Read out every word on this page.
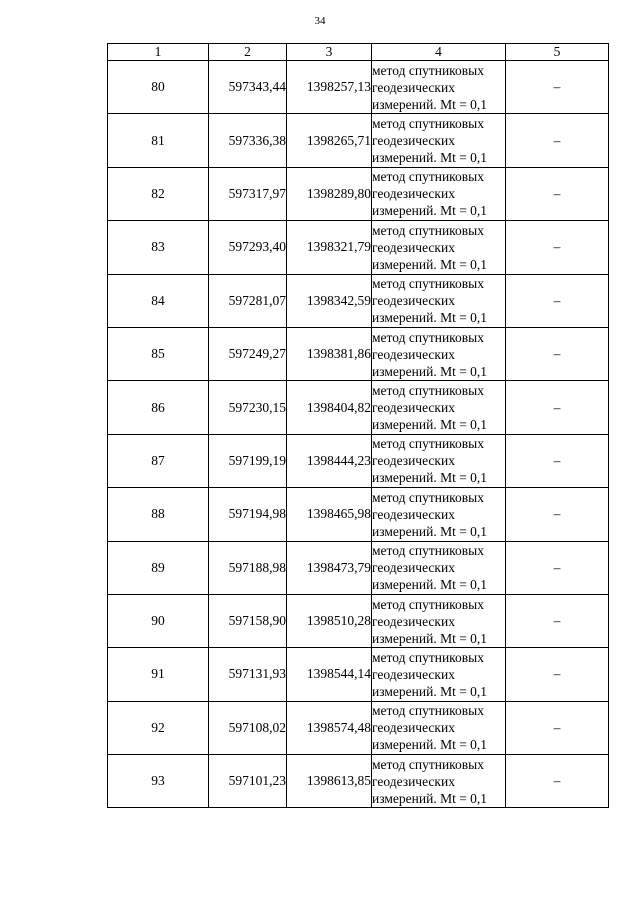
34
1	2	3	4	5
80	597343,44	1398257,13	метод спутниковых
геодезических
измерений. Mt = 0,1	–
81	597336,38	1398265,71	метод спутниковых
геодезических
измерений. Mt = 0,1	–
82	597317,97	1398289,80	метод спутниковых
геодезических
измерений. Mt = 0,1	–
83	597293,40	1398321,79	метод спутниковых
геодезических
измерений. Mt = 0,1	–
84	597281,07	1398342,59	метод спутниковых
геодезических
измерений. Mt = 0,1	–
85	597249,27	1398381,86	метод спутниковых
геодезических
измерений. Mt = 0,1	–
86	597230,15	1398404,82	метод спутниковых
геодезических
измерений. Mt = 0,1	–
87	597199,19	1398444,23	метод спутниковых
геодезических
измерений. Mt = 0,1	–
88	597194,98	1398465,98	метод спутниковых
геодезических
измерений. Mt = 0,1	–
89	597188,98	1398473,79	метод спутниковых
геодезических
измерений. Mt = 0,1	–
90	597158,90	1398510,28	метод спутниковых
геодезических
измерений. Mt = 0,1	–
91	597131,93	1398544,14	метод спутниковых
геодезических
измерений. Mt = 0,1	–
92	597108,02	1398574,48	метод спутниковых
геодезических
измерений. Mt = 0,1	–
93	597101,23	1398613,85	метод спутниковых
геодезических
измерений. Mt = 0,1	–
